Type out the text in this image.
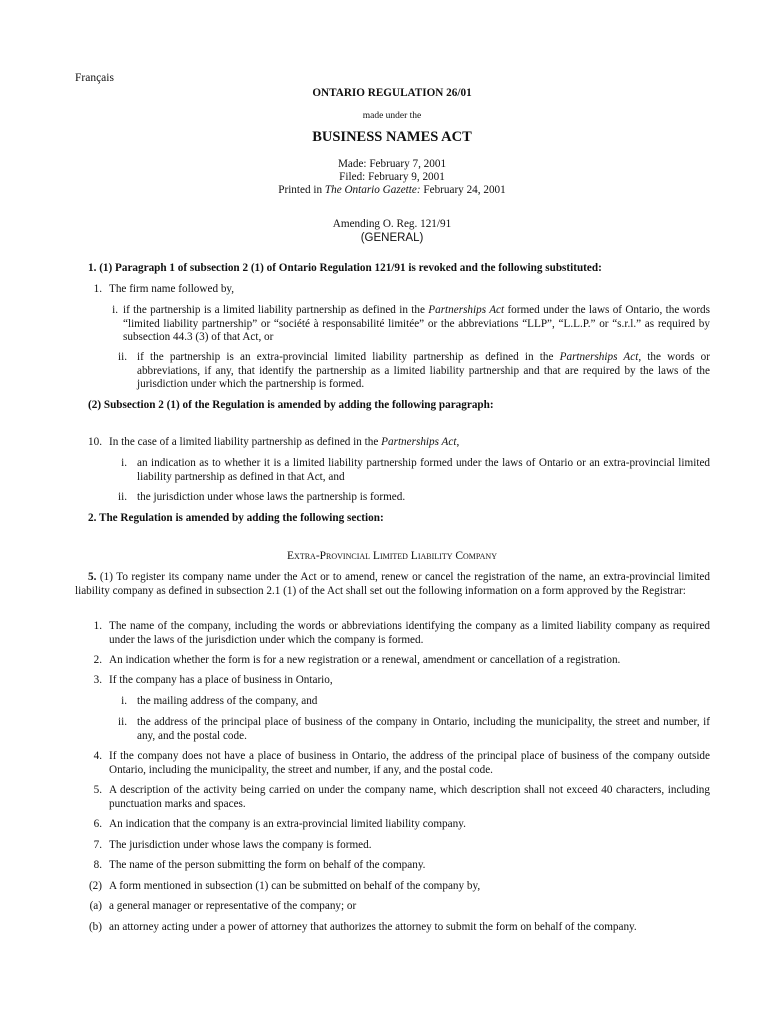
Français
ONTARIO REGULATION 26/01
made under the
BUSINESS NAMES ACT
Made: February 7, 2001
Filed: February 9, 2001
Printed in The Ontario Gazette: February 24, 2001
Amending O. Reg. 121/91
(GENERAL)
1. (1) Paragraph 1 of subsection 2 (1) of Ontario Regulation 121/91 is revoked and the following substituted:
1. The firm name followed by,
i. if the partnership is a limited liability partnership as defined in the Partnerships Act formed under the laws of Ontario, the words “limited liability partnership” or “société à responsabilité limitée” or the abbreviations “LLP”, “L.L.P.” or “s.r.l.” as required by subsection 44.3 (3) of that Act, or
ii. if the partnership is an extra-provincial limited liability partnership as defined in the Partnerships Act, the words or abbreviations, if any, that identify the partnership as a limited liability partnership and that are required by the laws of the jurisdiction under which the partnership is formed.
(2) Subsection 2 (1) of the Regulation is amended by adding the following paragraph:
10. In the case of a limited liability partnership as defined in the Partnerships Act,
i. an indication as to whether it is a limited liability partnership formed under the laws of Ontario or an extra-provincial limited liability partnership as defined in that Act, and
ii. the jurisdiction under whose laws the partnership is formed.
2. The Regulation is amended by adding the following section:
Extra-Provincial Limited Liability Company
5. (1) To register its company name under the Act or to amend, renew or cancel the registration of the name, an extra-provincial limited liability company as defined in subsection 2.1 (1) of the Act shall set out the following information on a form approved by the Registrar:
1. The name of the company, including the words or abbreviations identifying the company as a limited liability company as required under the laws of the jurisdiction under which the company is formed.
2. An indication whether the form is for a new registration or a renewal, amendment or cancellation of a registration.
3. If the company has a place of business in Ontario,
i. the mailing address of the company, and
ii. the address of the principal place of business of the company in Ontario, including the municipality, the street and number, if any, and the postal code.
4. If the company does not have a place of business in Ontario, the address of the principal place of business of the company outside Ontario, including the municipality, the street and number, if any, and the postal code.
5. A description of the activity being carried on under the company name, which description shall not exceed 40 characters, including punctuation marks and spaces.
6. An indication that the company is an extra-provincial limited liability company.
7. The jurisdiction under whose laws the company is formed.
8. The name of the person submitting the form on behalf of the company.
(2) A form mentioned in subsection (1) can be submitted on behalf of the company by,
(a) a general manager or representative of the company; or
(b) an attorney acting under a power of attorney that authorizes the attorney to submit the form on behalf of the company.
